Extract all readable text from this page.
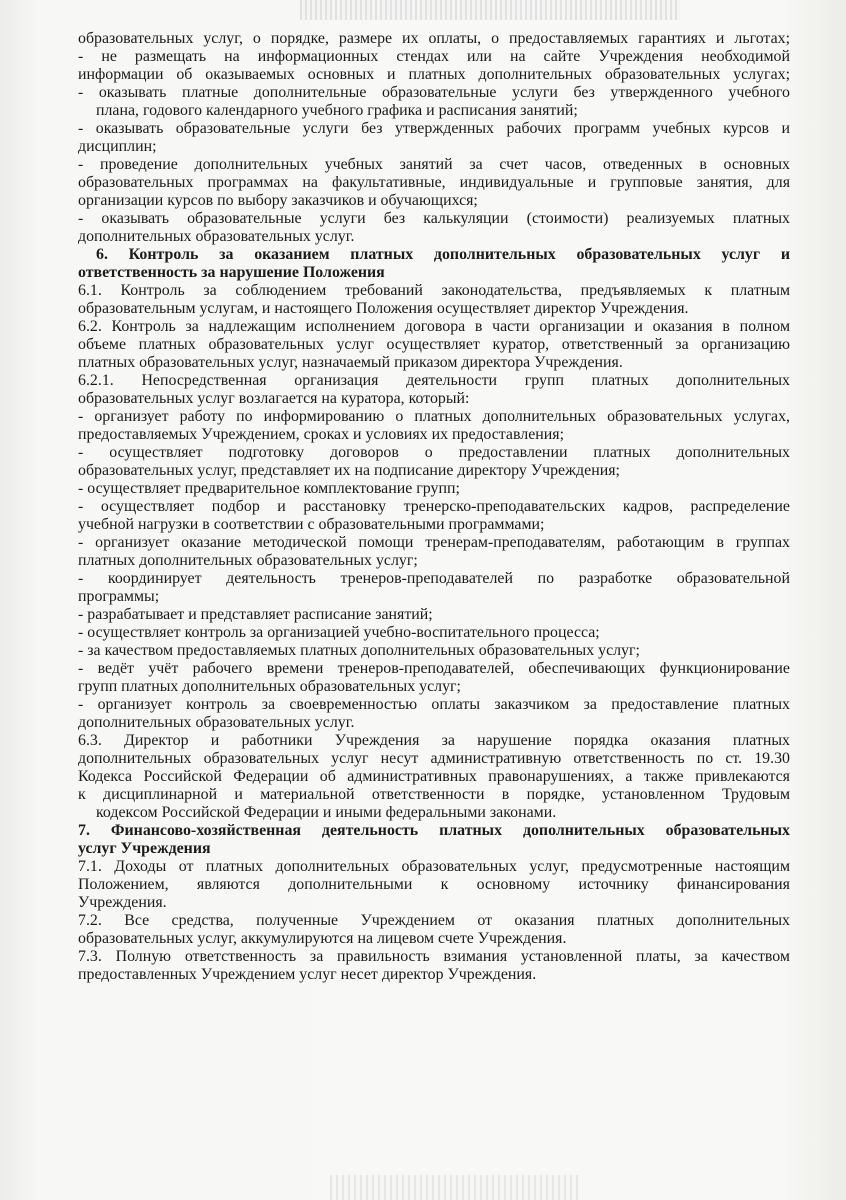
образовательных услуг, о порядке, размере их оплаты, о предоставляемых гарантиях и льготах;

- не размещать на информационных стендах или на сайте Учреждения необходимой

информации об оказываемых основных и платных дополнительных образовательных услугах;

- оказывать платные дополнительные образовательные услуги без утвержденного учебного

плана, годового календарного учебного графика и расписания занятий;

- оказывать образовательные услуги без утвержденных рабочих программ учебных курсов и

дисциплин;

- проведение дополнительных учебных занятий за счет часов, отведенных в основных

образовательных программах на факультативные, индивидуальные и групповые занятия, для

организации курсов по выбору заказчиков и обучающихся;

- оказывать образовательные услуги без калькуляции (стоимости) реализуемых платных

дополнительных образовательных услуг.

6. Контроль за оказанием платных дополнительных образовательных услуг и

ответственность за нарушение Положения

6.1. Контроль за соблюдением требований законодательства, предъявляемых к платным

образовательным услугам, и настоящего Положения осуществляет директор Учреждения.

6.2. Контроль за надлежащим исполнением договора в части организации и оказания в полном

объеме платных образовательных услуг осуществляет куратор, ответственный за организацию

платных образовательных услуг, назначаемый приказом директора Учреждения.

6.2.1. Непосредственная организация деятельности групп платных дополнительных

образовательных услуг возлагается на куратора, который:

- организует работу по информированию о платных дополнительных образовательных услугах,

предоставляемых Учреждением, сроках и условиях их предоставления;

- осуществляет подготовку договоров о предоставлении платных дополнительных

образовательных услуг, представляет их на подписание директору Учреждения;

- осуществляет предварительное комплектование групп;

- осуществляет подбор и расстановку тренерско-преподавательских кадров, распределение

учебной нагрузки в соответствии с образовательными программами;

- организует оказание методической помощи тренерам-преподавателям, работающим в группах

платных дополнительных образовательных услуг;

- координирует деятельность тренеров-преподавателей по разработке образовательной

программы;

- разрабатывает и представляет расписание занятий;

- осуществляет контроль за организацией учебно-воспитательного процесса;

- за качеством предоставляемых платных дополнительных образовательных услуг;

- ведёт учёт рабочего времени тренеров-преподавателей, обеспечивающих функционирование

групп платных дополнительных образовательных услуг;

- организует контроль за своевременностью оплаты заказчиком за предоставление платных

дополнительных образовательных услуг.

6.3. Директор и работники Учреждения за нарушение порядка оказания платных

дополнительных образовательных услуг несут административную ответственность по ст. 19.30

Кодекса Российской Федерации об административных правонарушениях, а также привлекаются

к дисциплинарной и материальной ответственности в порядке, установленном Трудовым

кодексом Российской Федерации и иными федеральными законами.

7. Финансово-хозяйственная деятельность платных дополнительных образовательных

услуг Учреждения

7.1. Доходы от платных дополнительных образовательных услуг, предусмотренные настоящим

Положением, являются дополнительными к основному источнику финансирования

Учреждения.

7.2. Все средства, полученные Учреждением от оказания платных дополнительных

образовательных услуг, аккумулируются на лицевом счете Учреждения.

7.3. Полную ответственность за правильность взимания установленной платы, за качеством

предоставленных Учреждением услуг несет директор Учреждения.
